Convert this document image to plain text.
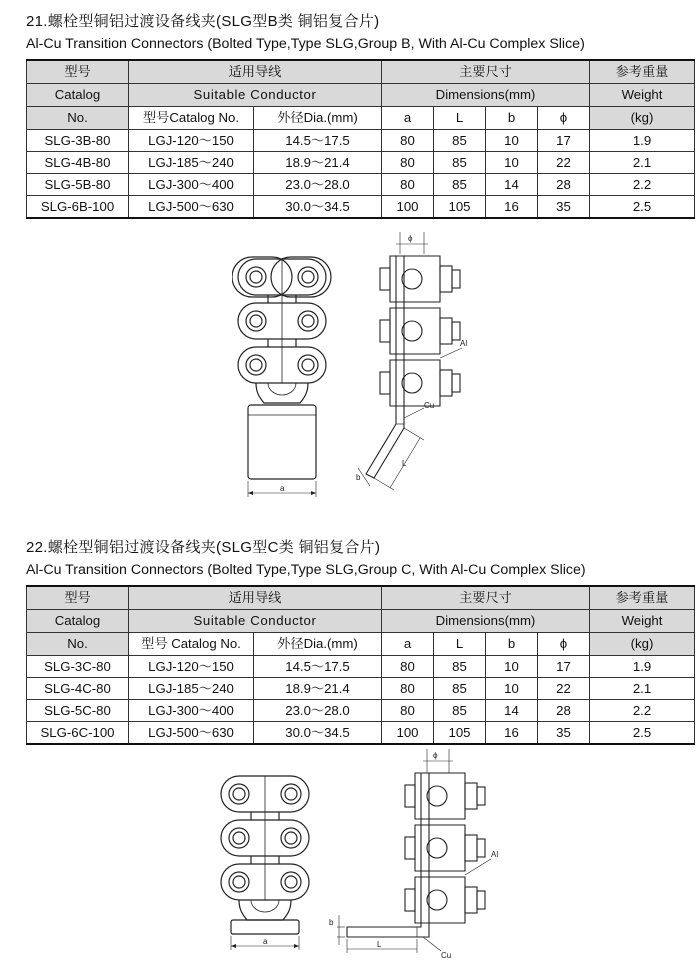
21.螺栓型铜铝过渡设备线夹(SLG型B类 铜铝复合片)
Al-Cu Transition Connectors (Bolted Type,Type SLG,Group B, With Al-Cu Complex Slice)
型号	适用导线		主要尺寸				参考重量
Catalog	Suitable Conductor		Dimensions(mm)				Weight
No.	型号Catalog No.	外径Dia.(mm)	a	L	b	ϕ	(kg)
SLG-3B-80	LGJ-120～150	14.5～17.5	80	85	10	17	1.9
SLG-4B-80	LGJ-185～240	18.9～21.4	80	85	10	22	2.1
SLG-5B-80	LGJ-300～400	23.0～28.0	80	85	14	28	2.2
SLG-6B-100	LGJ-500～630	30.0～34.5	100	105	16	35	2.5
a
ϕ
Al
Cu
L
b
22.螺栓型铜铝过渡设备线夹(SLG型C类 铜铝复合片)
Al-Cu Transition Connectors (Bolted Type,Type SLG,Group C, With Al-Cu Complex Slice)
型号	适用导线		主要尺寸				参考重量
Catalog	Suitable Conductor		Dimensions(mm)				Weight
No.	型号 Catalog No.	外径Dia.(mm)	a	L	b	ϕ	(kg)
SLG-3C-80	LGJ-120～150	14.5～17.5	80	85	10	17	1.9
SLG-4C-80	LGJ-185～240	18.9～21.4	80	85	10	22	2.1
SLG-5C-80	LGJ-300～400	23.0～28.0	80	85	14	28	2.2
SLG-6C-100	LGJ-500～630	30.0～34.5	100	105	16	35	2.5
a
ϕ
Al
Cu
L
b
